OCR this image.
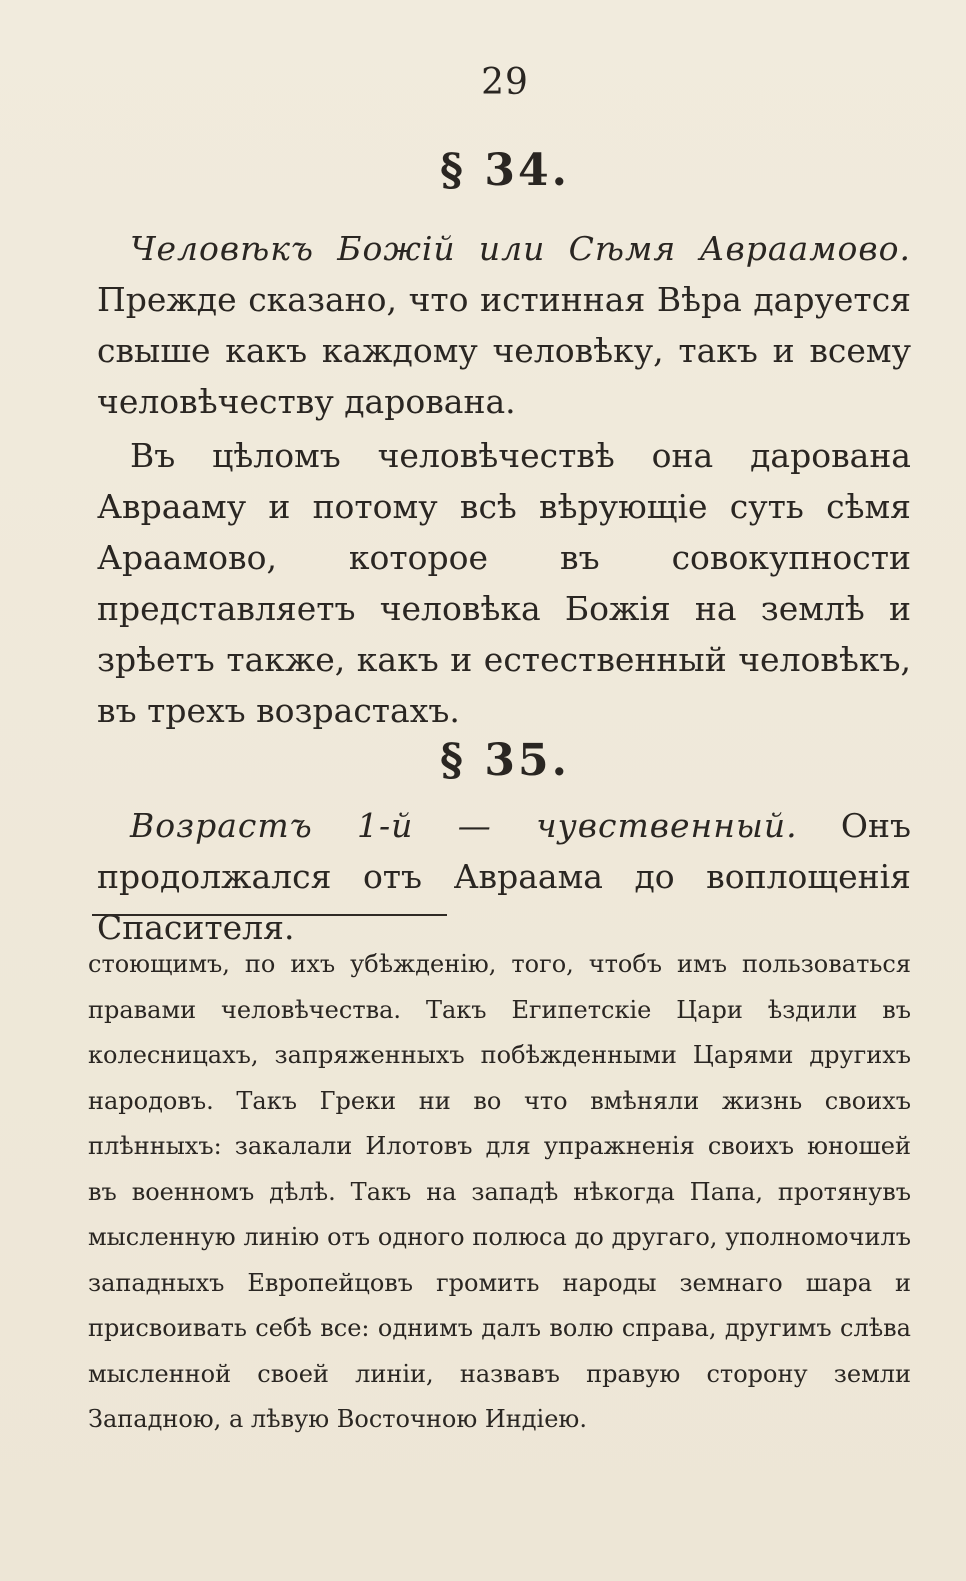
29
§ 34.

Человѣкъ Божій или Сѣмя Авраамово. Прежде сказано, что истинная Вѣра даруется свыше какъ каждому человѣку, такъ и всему человѣчеству дарована.

Въ цѣломъ человѣчествѣ она дарована Аврааму и потому всѣ вѣрующіе суть сѣмя Араамово, которое въ совокупности представляетъ человѣка Божія на землѣ и зрѣетъ также, какъ и естественный человѣкъ, въ трехъ возрастахъ.

§ 35.

Возрастъ 1-й — чувственный. Онъ продолжался отъ Авраама до воплощенія Спасителя.

стоющимъ, по ихъ убѣжденію, того, чтобъ имъ пользоваться правами человѣчества. Такъ Египетскіе Цари ѣздили въ колесницахъ, запряженныхъ побѣжденными Царями другихъ народовъ. Такъ Греки ни во что вмѣняли жизнь своихъ плѣнныхъ: закалали Илотовъ для упражненія своихъ юношей въ военномъ дѣлѣ. Такъ на западѣ нѣкогда Папа, протянувъ мысленную линію отъ одного полюса до другаго, уполномочилъ западныхъ Европейцовъ громить народы земнаго шара и присвоивать себѣ все: однимъ далъ волю справа, другимъ слѣва мысленной своей линіи, назвавъ правую сторону земли Западною, а лѣвую Восточною Индіею.
